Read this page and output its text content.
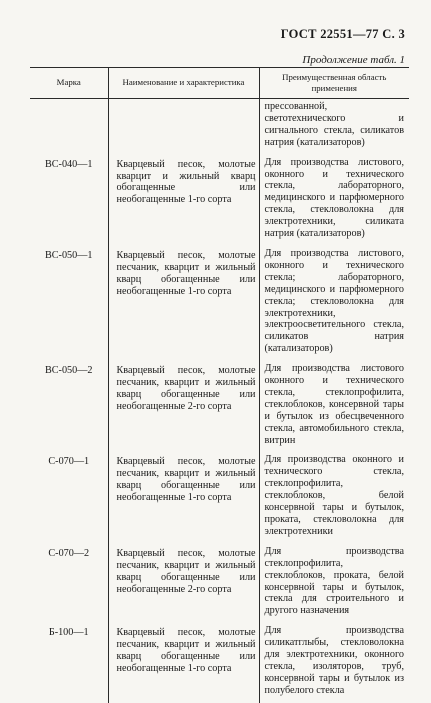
ГОСТ 22551—77 С. 3
Продолжение табл. 1
Марка	Наименование и характеристика	Преимущественная область применения
		прессованной, светотехнического и сигнального стекла, силикатов натрия (катализаторов)
ВС-040—1	Кварцевый песок, молотые кварцит и жильный кварц обогащенные или необогащенные 1-го сорта	Для производства листового, оконного и технического стекла, лабораторного, медицинского и парфюмерного стекла, стекловолокна для электротехники, силиката натрия (катализаторов)
ВС-050—1	Кварцевый песок, молотые песчаник, кварцит и жильный кварц обогащенные или необогащенные 1-го сорта	Для производства листового, оконного и технического стекла; лабораторного, медицинского и парфюмерного стекла; стекловолокна для электротехники, электроосветительного стекла, силикатов натрия (катализаторов)
ВС-050—2	Кварцевый песок, молотые песчаник, кварцит и жильный кварц обогащенные или необогащенные 2-го сорта	Для производства листового оконного и технического стекла, стеклопрофилита, стеклоблоков, консервной тары и бутылок из обесцвеченного стекла, автомобильного стекла, витрин
С-070—1	Кварцевый песок, молотые песчаник, кварцит и жильный кварц обогащенные или необогащенные 1-го сорта	Для производства оконного и технического стекла, стеклопрофилита, стеклоблоков, белой консервной тары и бутылок, проката, стекловолокна для электротехники
С-070—2	Кварцевый песок, молотые песчаник, кварцит и жильный кварц обогащенные или необогащенные 2-го сорта	Для производства стеклопрофилита, стеклоблоков, проката, белой консервной тары и бутылок, стекла для строительного и другого назначения
Б-100—1	Кварцевый песок, молотые песчаник, кварцит и жильный кварц обогащенные или необогащенные 1-го сорта	Для производства силикатглыбы, стекловолокна для электротехники, оконного стекла, изоляторов, труб, консервной тары и бутылок из полубелого стекла
